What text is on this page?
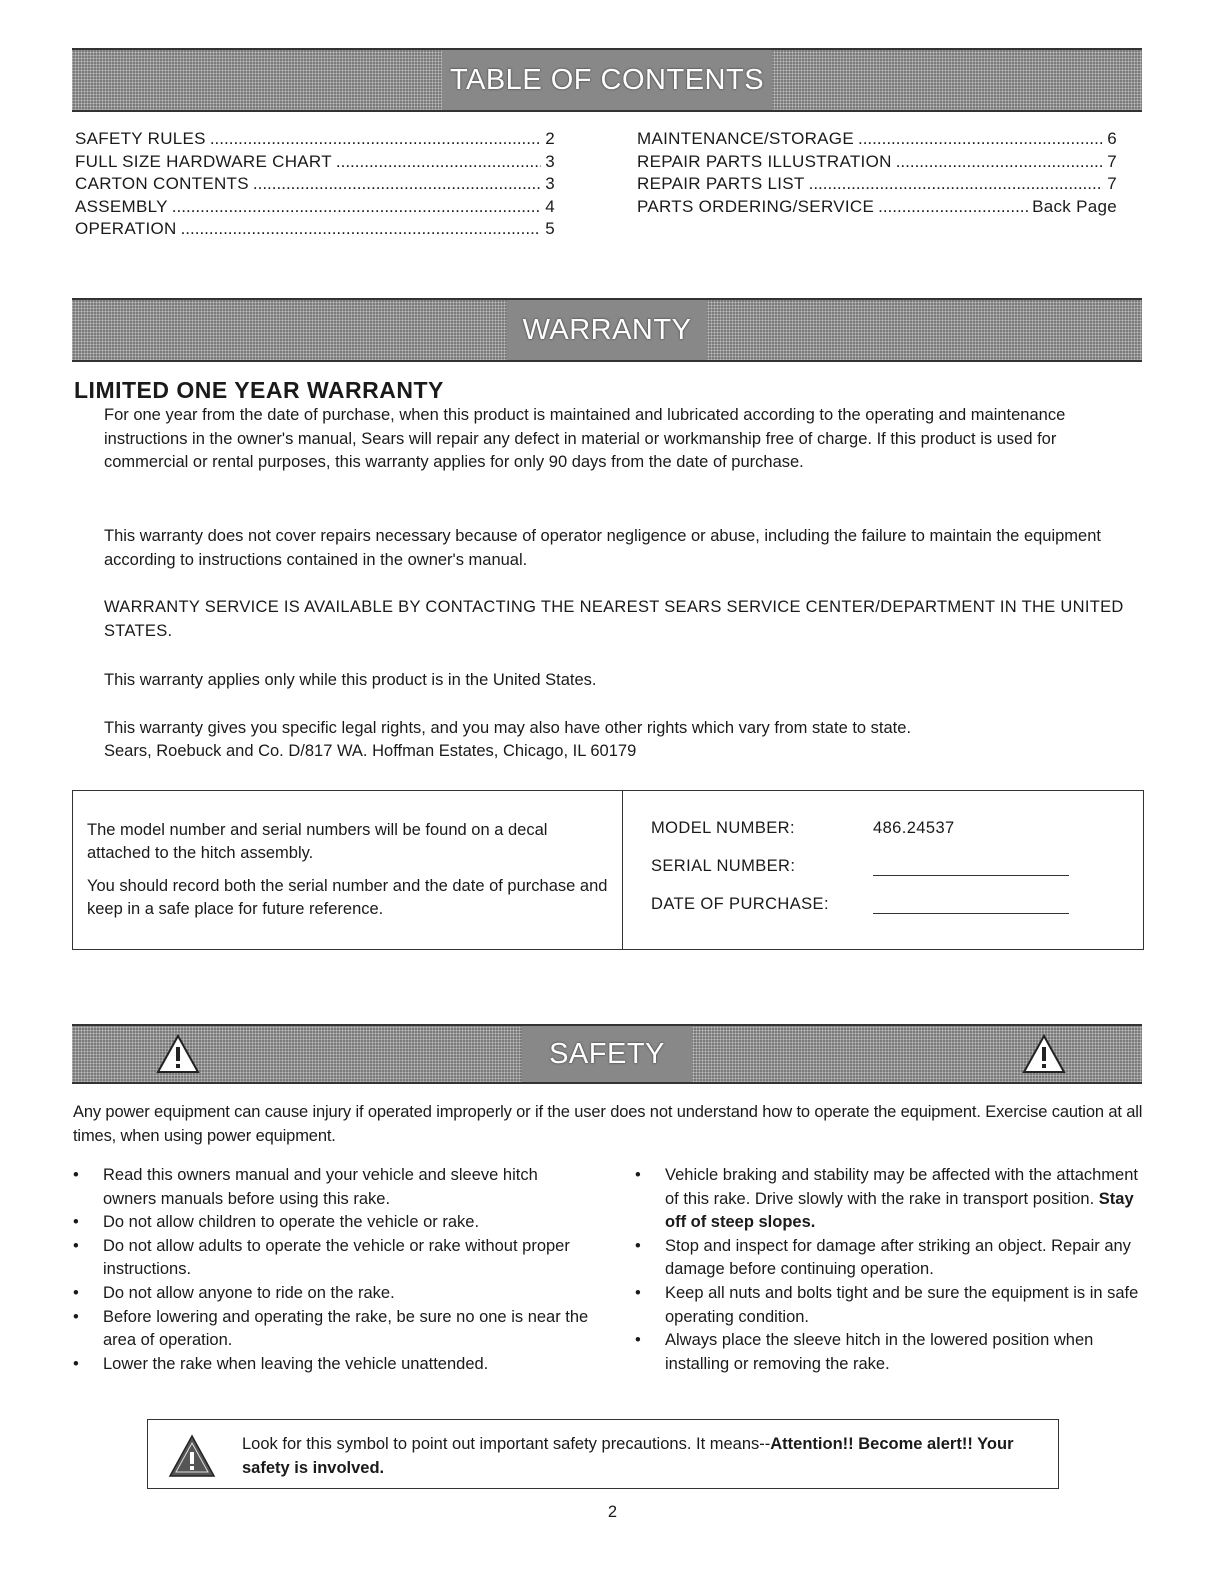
TABLE OF CONTENTS
SAFETY RULES .....	2
FULL SIZE HARDWARE CHART .....	3
CARTON CONTENTS .....	3
ASSEMBLY .....	4
OPERATION .....	5
MAINTENANCE/STORAGE .....	6
REPAIR PARTS ILLUSTRATION .....	7
REPAIR PARTS LIST .....	7
PARTS ORDERING/SERVICE .....	Back Page
WARRANTY
LIMITED ONE YEAR WARRANTY

For one year from the date of purchase, when this product is maintained and lubricated according to the operating and maintenance instructions in the owner's manual, Sears will repair any defect in material or workmanship free of charge. If this product is used for commercial or rental purposes, this warranty applies for only 90 days from the date of purchase.

This warranty does not cover repairs necessary because of operator negligence or abuse, including the failure to maintain the equipment according to instructions contained in the owner's manual.

WARRANTY SERVICE IS AVAILABLE BY CONTACTING THE NEAREST SEARS SERVICE CENTER/DEPARTMENT IN THE UNITED STATES.

This warranty applies only while this product is in the United States.

This warranty gives you specific legal rights, and you may also have other rights which vary from state to state.

Sears, Roebuck and Co. D/817 WA. Hoffman Estates, Chicago, IL 60179

The model number and serial numbers will be found on a decal attached to the hitch assembly.

You should record both the serial number and the date of purchase and keep in a safe place for future reference.

MODEL NUMBER:	486.24537
SERIAL NUMBER:
DATE OF PURCHASE:
SAFETY

Any power equipment can cause injury if operated improperly or if the user does not understand how to operate the equipment. Exercise caution at all times, when using power equipment.

• Read this owners manual and your vehicle and sleeve hitch owners manuals before using this rake.
• Do not allow children to operate the vehicle or rake.
• Do not allow adults to operate the vehicle or rake without proper instructions.
• Do not allow anyone to ride on the rake.
• Before lowering and operating the rake, be sure no one is near the area of operation.
• Lower the rake when leaving the vehicle unattended.
• Vehicle braking and stability may be affected with the attachment of this rake. Drive slowly with the rake in transport position. Stay off of steep slopes.
• Stop and inspect for damage after striking an object. Repair any damage before continuing operation.
• Keep all nuts and bolts tight and be sure the equipment is in safe operating condition.
• Always place the sleeve hitch in the lowered position when installing or removing the rake.
Look for this symbol to point out important safety precautions. It means--Attention!! Become alert!! Your safety is involved.
2
